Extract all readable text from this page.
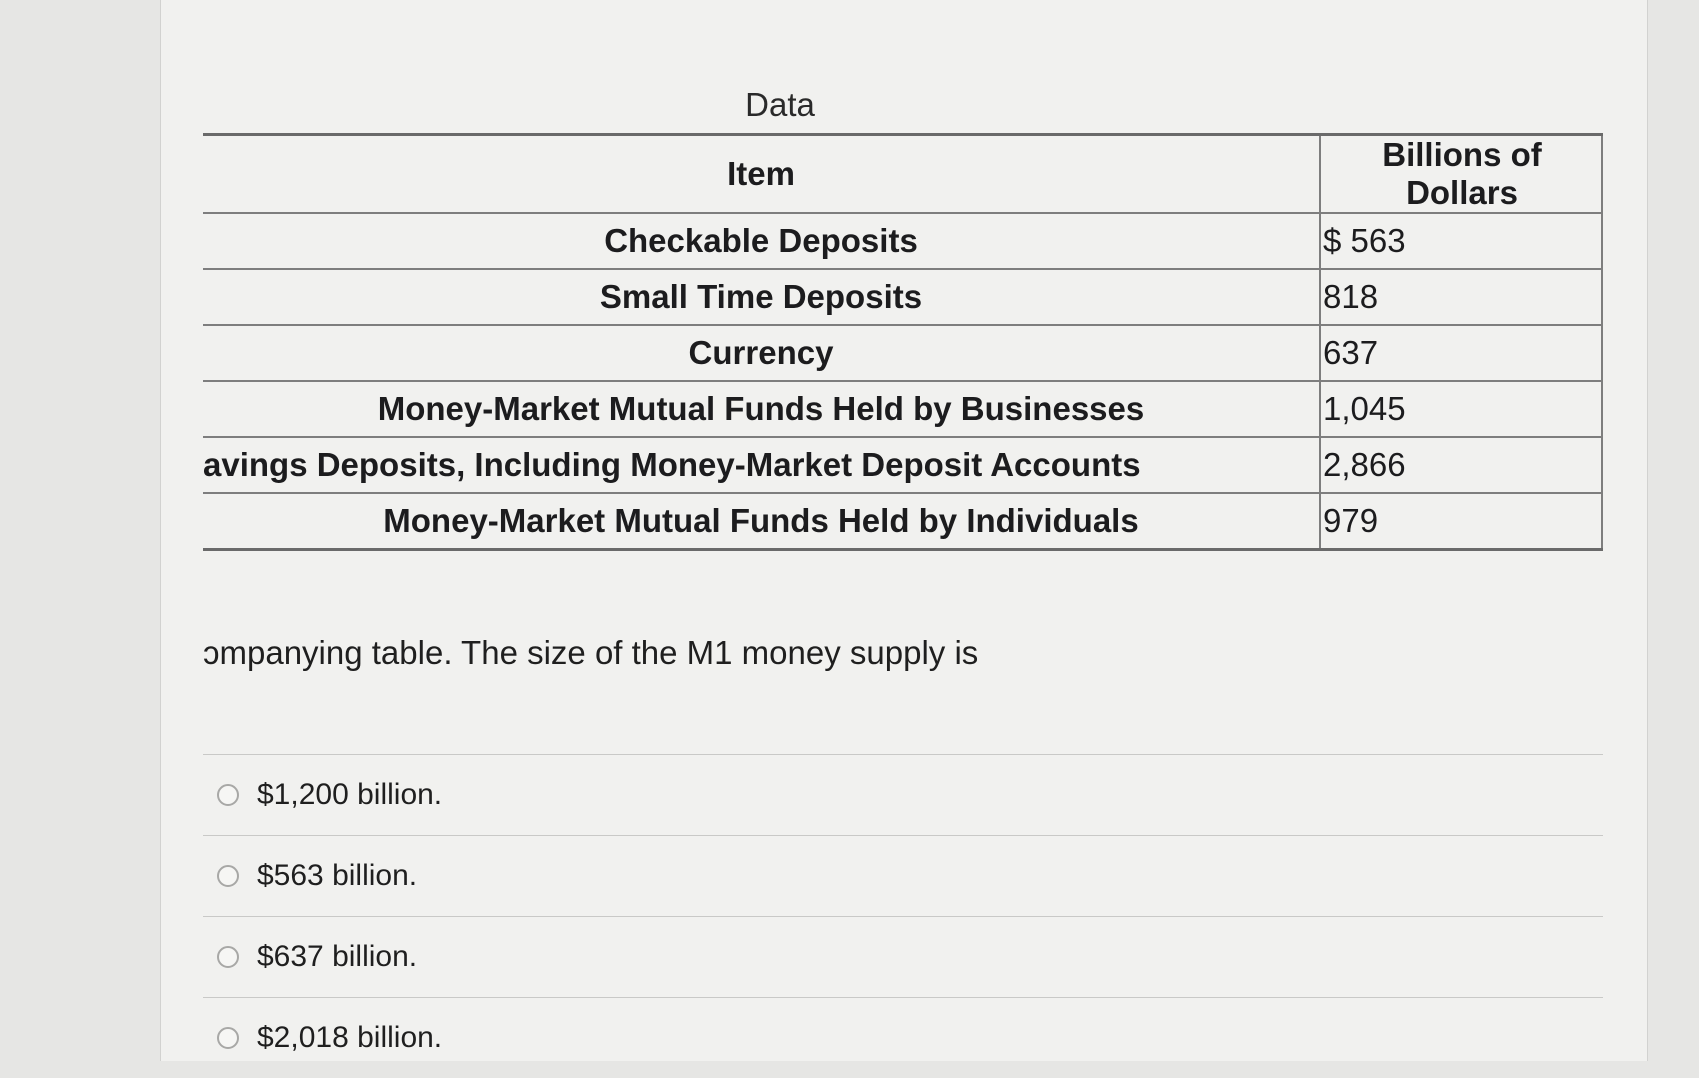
Data
Item	Billions of Dollars
Checkable Deposits	$ 563
Small Time Deposits	818
Currency	637
Money-Market Mutual Funds Held by Businesses	1,045
avings Deposits, Including Money-Market Deposit Accounts	2,866
Money-Market Mutual Funds Held by Individuals	979
ɔmpanying table. The size of the M1 money supply is
$1,200 billion.
$563 billion.
$637 billion.
$2,018 billion.
